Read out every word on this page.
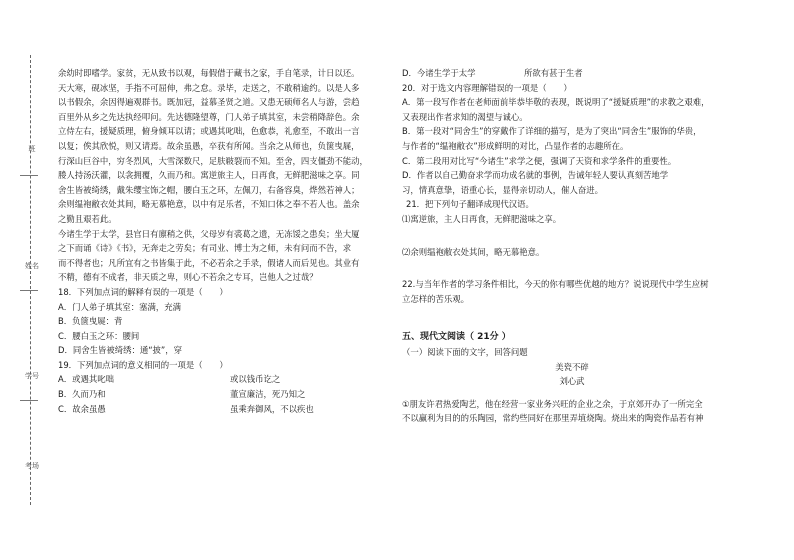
班
姓名
学号
考场

余幼时即嗜学。家贫，无从致书以观，每假借于藏书之家，手自笔录，计日以还。

天大寒，砚冰坚，手指不可屈伸，弗之怠。录毕，走送之，不敢稍逾约。以是人多

以书假余，余因得遍观群书。既加冠，益慕圣贤之道。又患无硕师名人与游，尝趋

百里外从乡之先达执经叩问。先达德隆望尊，门人弟子填其室，未尝稍降辞色。余

立侍左右，援疑质理，俯身倾耳以请；或遇其叱咄，色愈恭，礼愈至，不敢出一言

以复；俟其欣悦，则又请焉。故余虽愚，卒获有所闻。当余之从师也，负箧曳屣，

行深山巨谷中，穷冬烈风，大雪深数尺，足肤皲裂而不知。至舍，四支僵劲不能动，

媵人持汤沃灌，以衾拥覆，久而乃和。寓逆旅主人，日再食，无鲜肥滋味之享。同

舍生皆被绮绣，戴朱缨宝饰之帽，腰白玉之环，左佩刀，右备容臭，烨然若神人；

余则缊袍敝衣处其间，略无慕艳意，以中有足乐者，不知口体之奉不若人也。盖余

之勤且艰若此。

今诸生学于太学，县官日有廪稍之供，父母岁有裘葛之遗，无冻馁之患矣；坐大厦

之下而诵《诗》《书》，无奔走之劳矣；有司业、博士为之师，未有问而不告，求

而不得者也；凡所宜有之书皆集于此，不必若余之手录，假诸人而后见也。其业有

不精，德有不成者，非天质之卑，则心不若余之专耳，岂他人之过哉？

18．下列加点词的解释有误的一项是（　　）

A．门人弟子填其室：塞满，充满

B．负箧曳屣：背

C．腰白玉之环：腰间

D．同舍生皆被绮绣：通“披”，穿

19．下列加点词的意义相同的一项是（　　）

A．或遇其叱咄	或以钱币讫之
B．久而乃和	董宣廉洁，死乃知之
C．故余虽愚	虽乘奔御风，不以疾也
D．今诸生学于太学	所欲有甚于生者

20．对于选文内容理解错误的一项是（　　）

A．第一段写作者在老师面前毕恭毕敬的表现，既说明了“援疑质理”的求教之艰难，

又表现出作者求知的渴望与诚心。

B．第一段对“同舍生”的穿戴作了详细的描写，是为了突出“同舍生”服饰的华贵，

与作者的“缊袍敝衣”形成鲜明的对比，凸显作者的志趣所在。

C．第二段用对比写“今诸生”求学之便，强调了天资和求学条件的重要性。

D．作者以自己勤奋求学而功成名就的事例，告诫年轻人要认真刻苦地学

习，情真意挚，语重心长，显得亲切动人，催人奋进。

21．把下列句子翻译成现代汉语。

⑴寓逆旅，主人日再食，无鲜肥滋味之享。

⑵余则缊袍敝衣处其间，略无慕艳意。

22.与当年作者的学习条件相比，今天的你有哪些优越的地方？说说现代中学生应树

立怎样的苦乐观。

五、现代文阅读（ 21分 ）

（一）阅读下面的文字，回答问题

美瓷不碎

刘心武

①朋友许君热爱陶艺，他在经营一家业务兴旺的企业之余，于京郊开办了一所完全

不以赢利为目的的乐陶园，常约些同好在那里弄埴烧陶。烧出来的陶瓷作品若有神
